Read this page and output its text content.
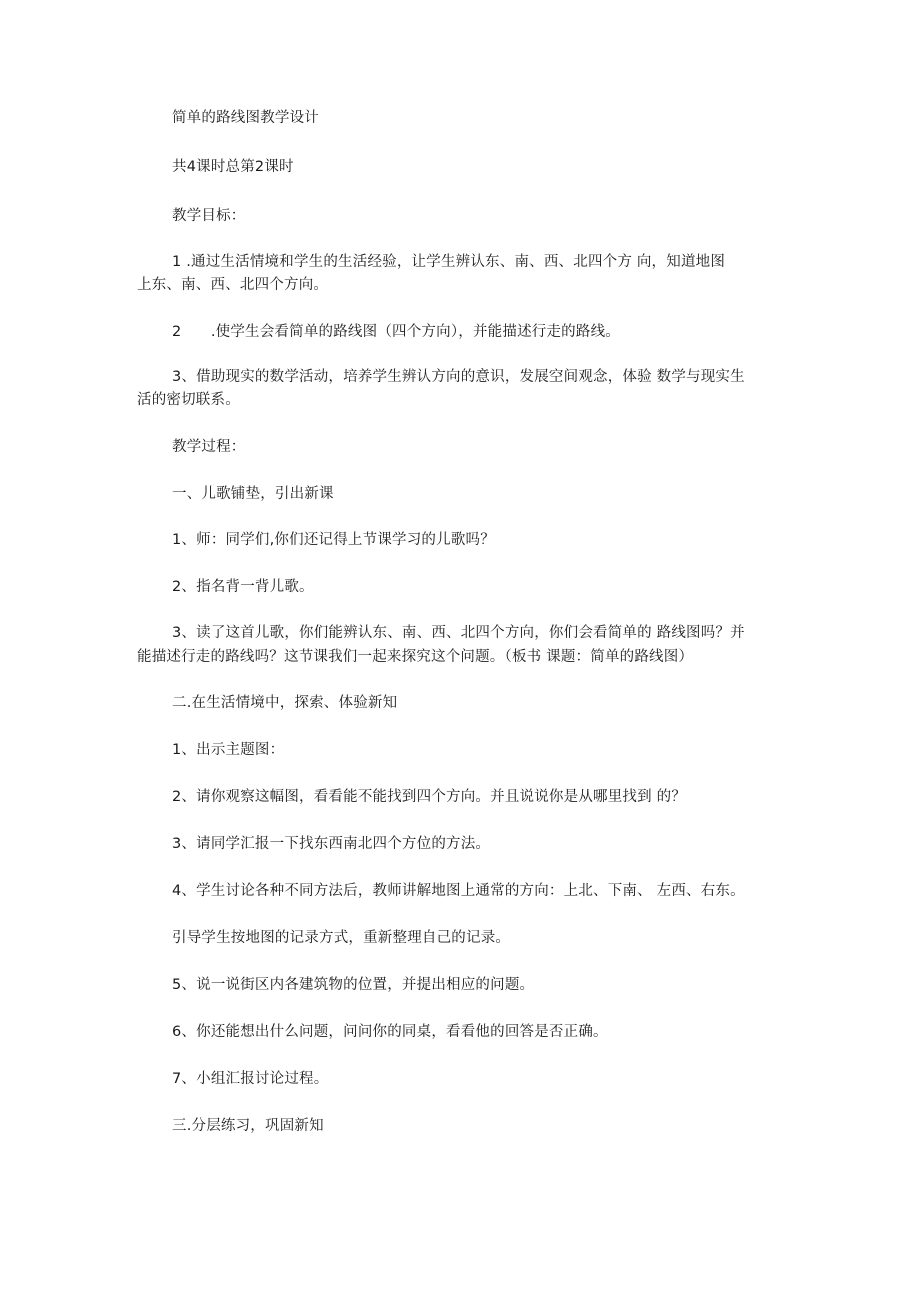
简单的路线图教学设计
共4课时总第2课时
教学目标：
1 .通过生活情境和学生的生活经验，让学生辨认东、南、西、北四个方 向，知道地图
上东、南、西、北四个方向。
2　　.使学生会看简单的路线图（四个方向），并能描述行走的路线。
3、借助现实的数学活动，培养学生辨认方向的意识，发展空间观念，体验 数学与现实生
活的密切联系。
教学过程：
一、儿歌铺垫，引出新课
1、师：同学们,你们还记得上节课学习的儿歌吗？
2、指名背一背儿歌。
3、读了这首儿歌，你们能辨认东、南、西、北四个方向，你们会看简单的 路线图吗？并
能描述行走的路线吗？这节课我们一起来探究这个问题。（板书 课题：简单的路线图）
二.在生活情境中，探索、体验新知
1、出示主题图：
2、请你观察这幅图，看看能不能找到四个方向。并且说说你是从哪里找到 的？
3、请同学汇报一下找东西南北四个方位的方法。
4、学生讨论各种不同方法后，教师讲解地图上通常的方向：上北、下南、 左西、右东。
引导学生按地图的记录方式，重新整理自己的记录。
5、说一说街区内各建筑物的位置，并提出相应的问题。
6、你还能想出什么问题，问问你的同桌，看看他的回答是否正确。
7、小组汇报讨论过程。
三.分层练习，巩固新知
